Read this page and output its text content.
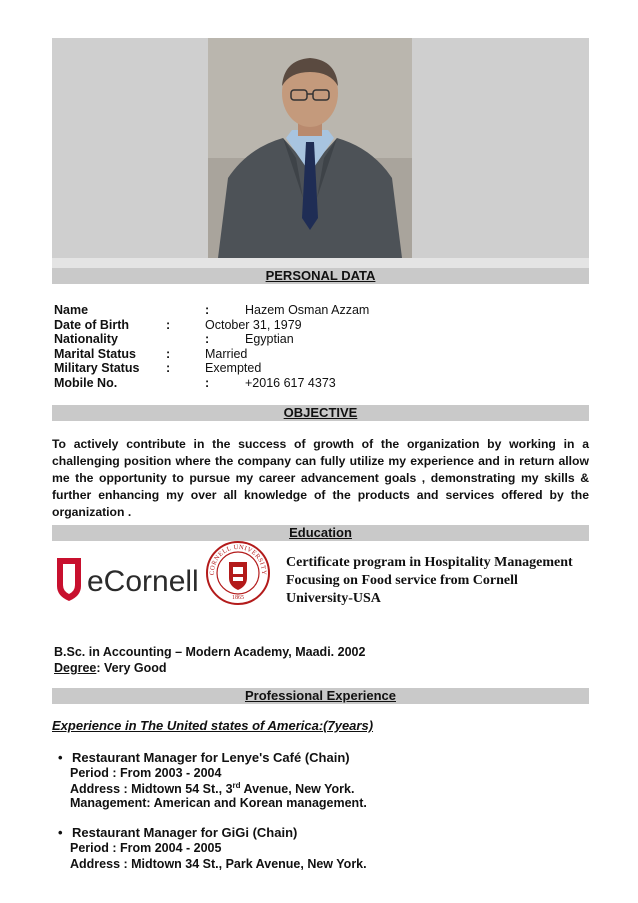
PERSONAL DATA
Name	:	Hazem Osman Azzam
Date of Birth	:	October 31, 1979
Nationality	:	Egyptian
Marital Status	:	Married
Military Status	:	Exempted
Mobile No.	:	+2016 617 4373
OBJECTIVE
To actively contribute in the success of growth of the organization by working in a challenging position where the company can fully utilize my experience and in return allow me the opportunity to pursue my career advancement goals , demonstrating my skills & further enhancing my over all knowledge of the products and services offered by the organization .
Education
eCornell CORNELL UNIVERSITY
1865
Certificate program in Hospitality Management Focusing on Food service from Cornell University-USA
B.Sc. in Accounting – Modern Academy, Maadi. 2002
Degree: Very Good
Professional Experience
Experience in The United states of America:(7years)
• Restaurant Manager for Lenye's Café (Chain)
Period : From 2003 - 2004
Address : Midtown 54 St., 3rd Avenue, New York.
Management: American and Korean management.
• Restaurant Manager for GiGi (Chain)
Period : From 2004 - 2005
Address : Midtown 34 St., Park Avenue, New York.
